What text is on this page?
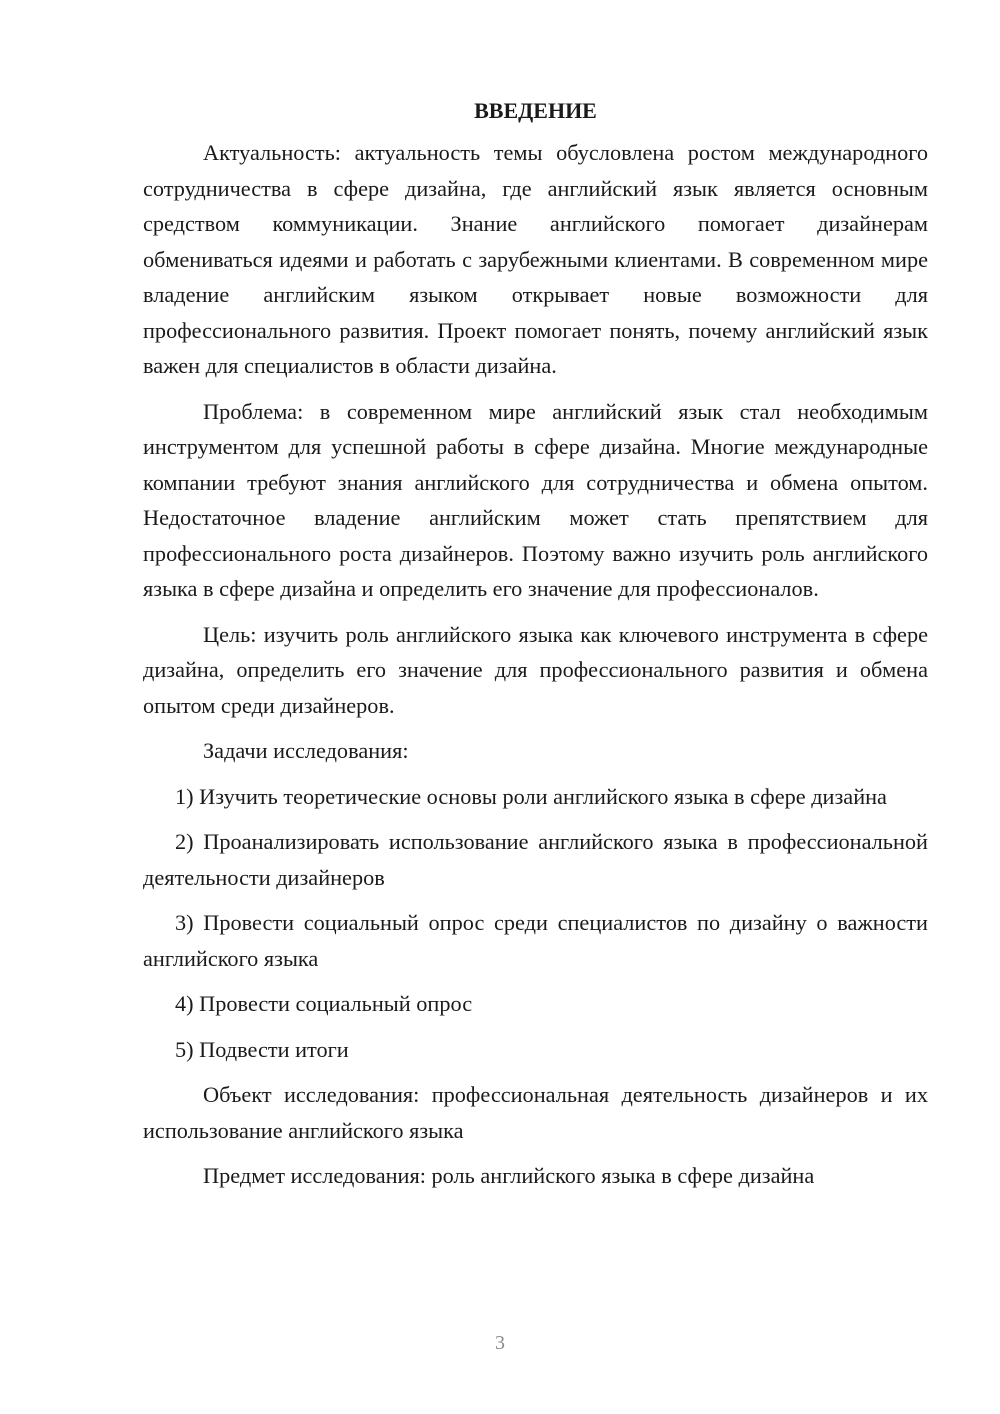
ВВЕДЕНИЕ

Актуальность: актуальность темы обусловлена ростом международного сотрудничества в сфере дизайна, где английский язык является основным средством коммуникации. Знание английского помогает дизайнерам обмениваться идеями и работать с зарубежными клиентами. В современном мире владение английским языком открывает новые возможности для профессионального развития. Проект помогает понять, почему английский язык важен для специалистов в области дизайна.

Проблема: в современном мире английский язык стал необходимым инструментом для успешной работы в сфере дизайна. Многие международные компании требуют знания английского для сотрудничества и обмена опытом. Недостаточное владение английским может стать препятствием для профессионального роста дизайнеров. Поэтому важно изучить роль английского языка в сфере дизайна и определить его значение для профессионалов.

Цель: изучить роль английского языка как ключевого инструмента в сфере дизайна, определить его значение для профессионального развития и обмена опытом среди дизайнеров.

Задачи исследования:

1) Изучить теоретические основы роли английского языка в сфере дизайна

2) Проанализировать использование английского языка в профессиональной деятельности дизайнеров

3) Провести социальный опрос среди специалистов по дизайну о важности английского языка

4) Провести социальный опрос

5) Подвести итоги

Объект исследования: профессиональная деятельность дизайнеров и их использование английского языка

Предмет исследования: роль английского языка в сфере дизайна

3
